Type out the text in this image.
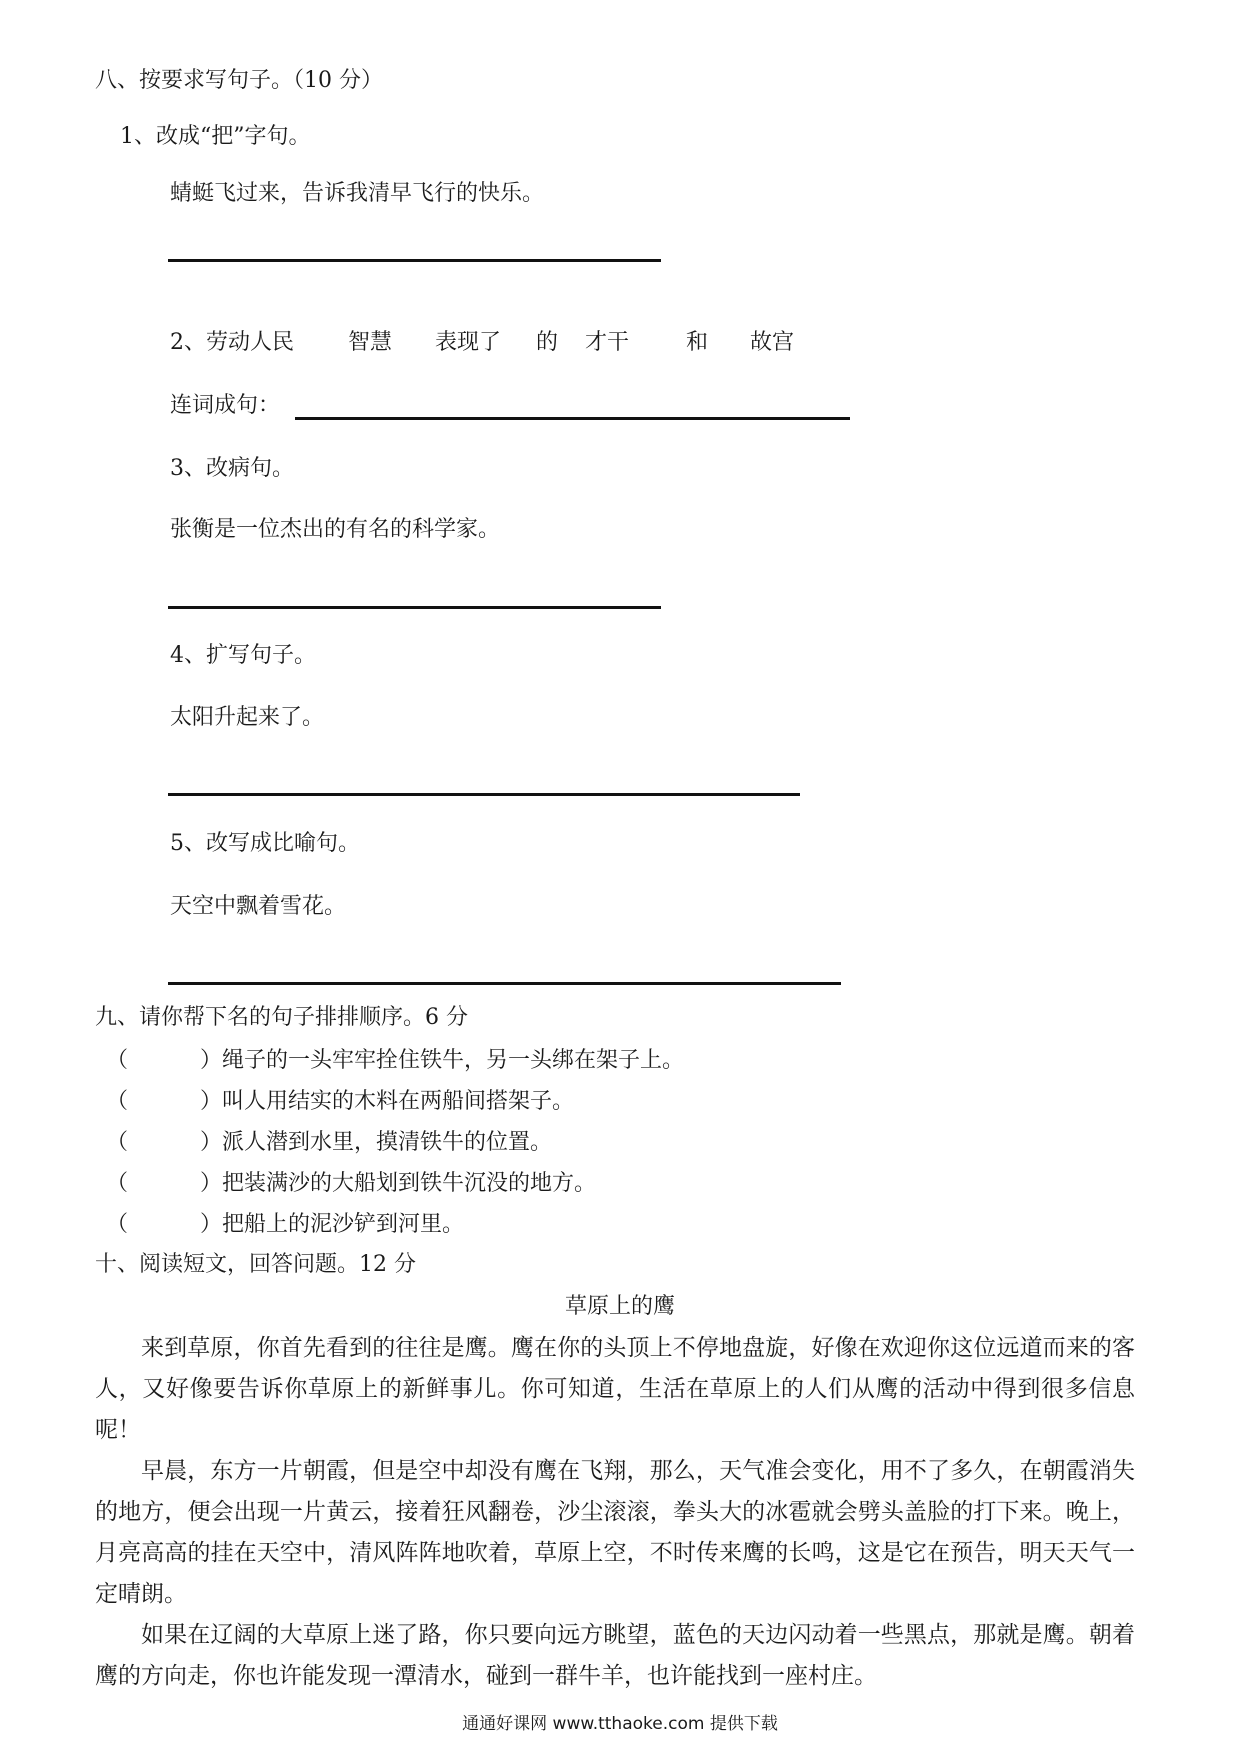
八、按要求写句子。（10 分）
1、改成“把”字句。
蜻蜓飞过来，告诉我清早飞行的快乐。
2、劳动人民 智慧 表现了 的 才干	和 故宫
连词成句：
3、改病句。
张衡是一位杰出的有名的科学家。
4、扩写句子。
太阳升起来了。
5、改写成比喻句。
天空中飘着雪花。
九、请你帮下名的句子排排顺序。6 分
（	）绳子的一头牢牢拴住铁牛，另一头绑在架子上。
（	）叫人用结实的木料在两船间搭架子。
（	）派人潜到水里，摸清铁牛的位置。
（	）把装满沙的大船划到铁牛沉没的地方。
（	）把船上的泥沙铲到河里。
十、阅读短文，回答问题。12 分
草原上的鹰
来到草原，你首先看到的往往是鹰。鹰在你的头顶上不停地盘旋，好像在欢迎你这位远道而来的客人，又好像要告诉你草原上的新鲜事儿。你可知道，生活在草原上的人们从鹰的活动中得到很多信息呢！
早晨，东方一片朝霞，但是空中却没有鹰在飞翔，那么，天气准会变化，用不了多久，在朝霞消失的地方，便会出现一片黄云，接着狂风翻卷，沙尘滚滚，拳头大的冰雹就会劈头盖脸的打下来。晚上，月亮高高的挂在天空中，清风阵阵地吹着，草原上空，不时传来鹰的长鸣，这是它在预告，明天天气一定晴朗。
如果在辽阔的大草原上迷了路，你只要向远方眺望，蓝色的天边闪动着一些黑点，那就是鹰。朝着鹰的方向走，你也许能发现一潭清水，碰到一群牛羊，也许能找到一座村庄。
通通好课网 www.tthaoke.com 提供下载
